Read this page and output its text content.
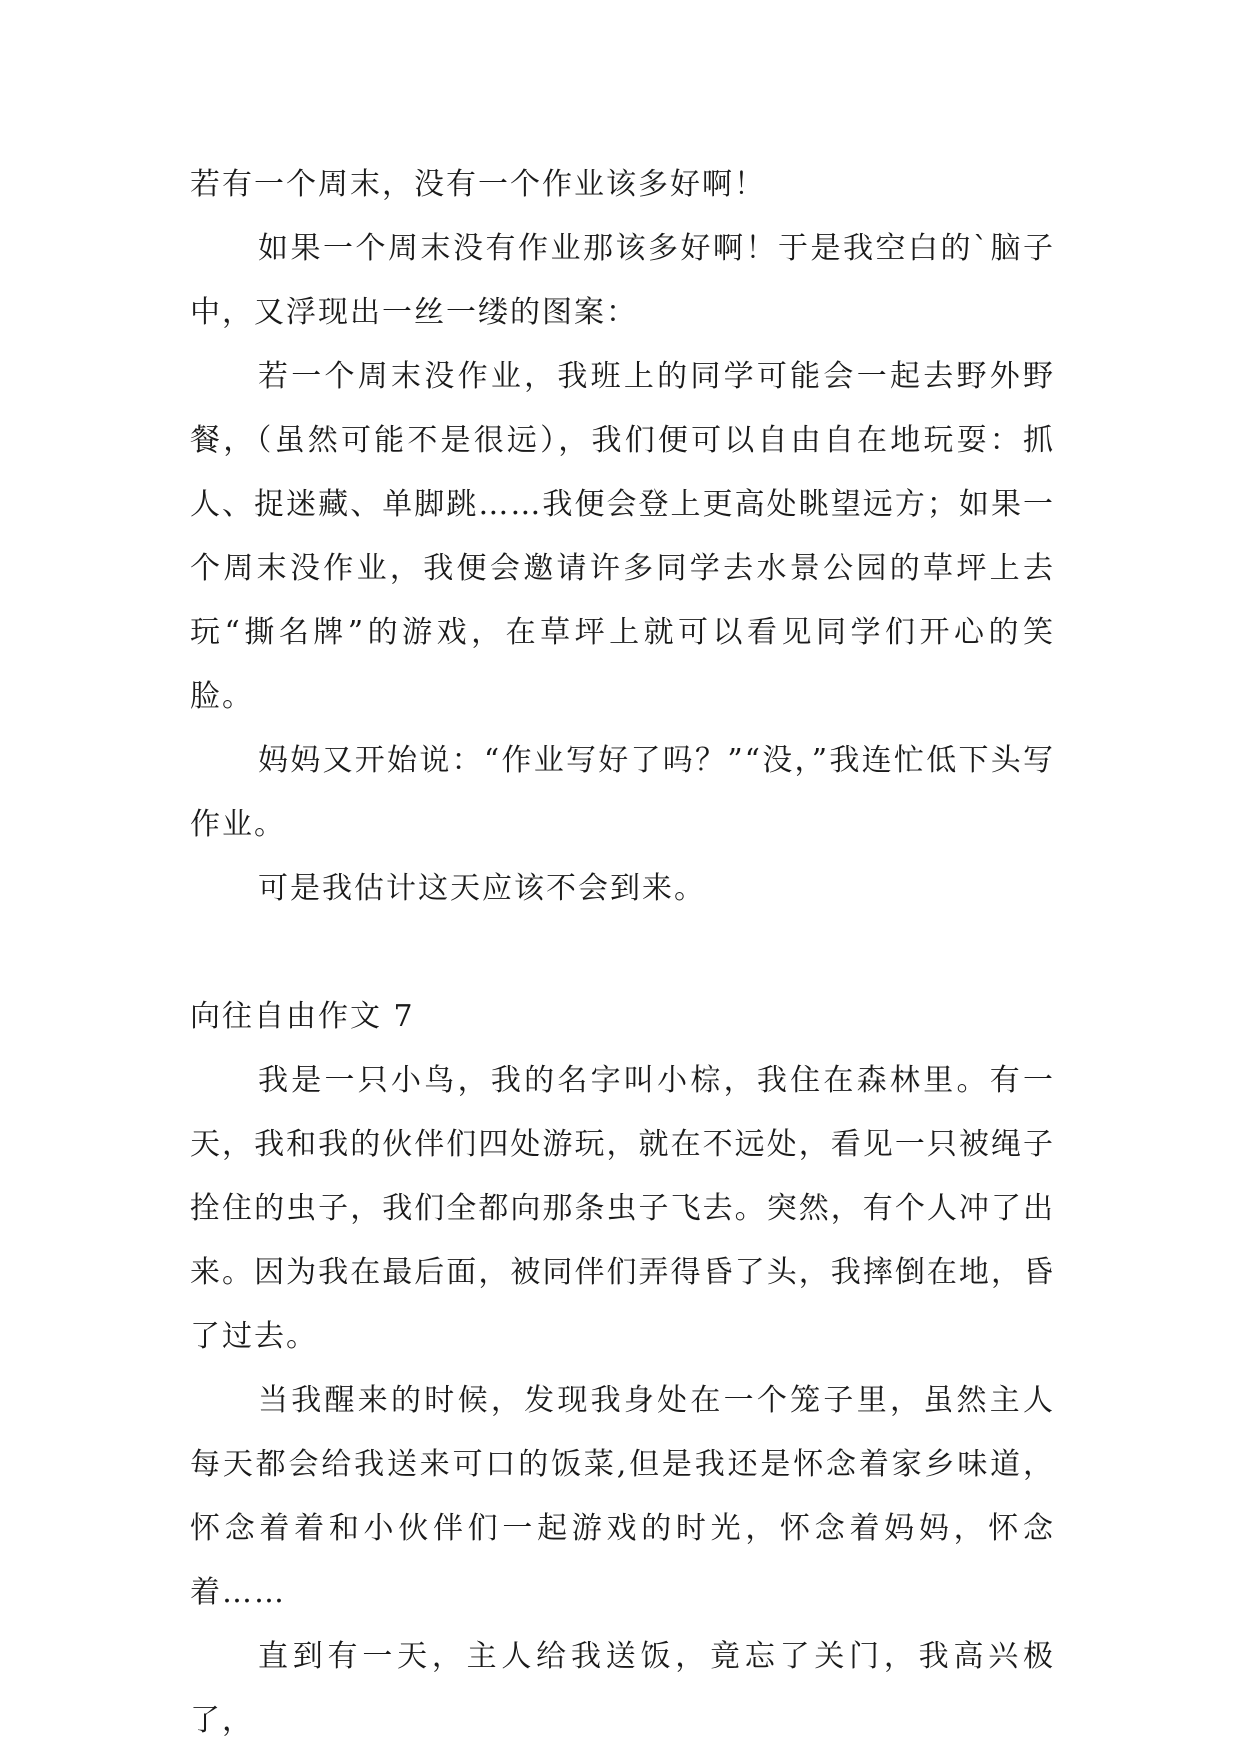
若有一个周末，没有一个作业该多好啊！

如果一个周末没有作业那该多好啊！于是我空白的`脑子中，又浮现出一丝一缕的图案：

若一个周末没作业，我班上的同学可能会一起去野外野餐，（虽然可能不是很远），我们便可以自由自在地玩耍：抓人、捉迷藏、单脚跳……我便会登上更高处眺望远方；如果一个周末没作业，我便会邀请许多同学去水景公园的草坪上去玩“撕名牌”的游戏，在草坪上就可以看见同学们开心的笑脸。

妈妈又开始说：“作业写好了吗？”“没，”我连忙低下头写作业。

可是我估计这天应该不会到来。

向往自由作文 7

我是一只小鸟，我的名字叫小棕，我住在森林里。有一天，我和我的伙伴们四处游玩，就在不远处，看见一只被绳子拴住的虫子，我们全都向那条虫子飞去。突然，有个人冲了出来。因为我在最后面，被同伴们弄得昏了头，我摔倒在地，昏了过去。

当我醒来的时候，发现我身处在一个笼子里，虽然主人每天都会给我送来可口的饭菜,但是我还是怀念着家乡味道，怀念着着和小伙伴们一起游戏的时光，怀念着妈妈，怀念着……

直到有一天，主人给我送饭，竟忘了关门，我高兴极了，
